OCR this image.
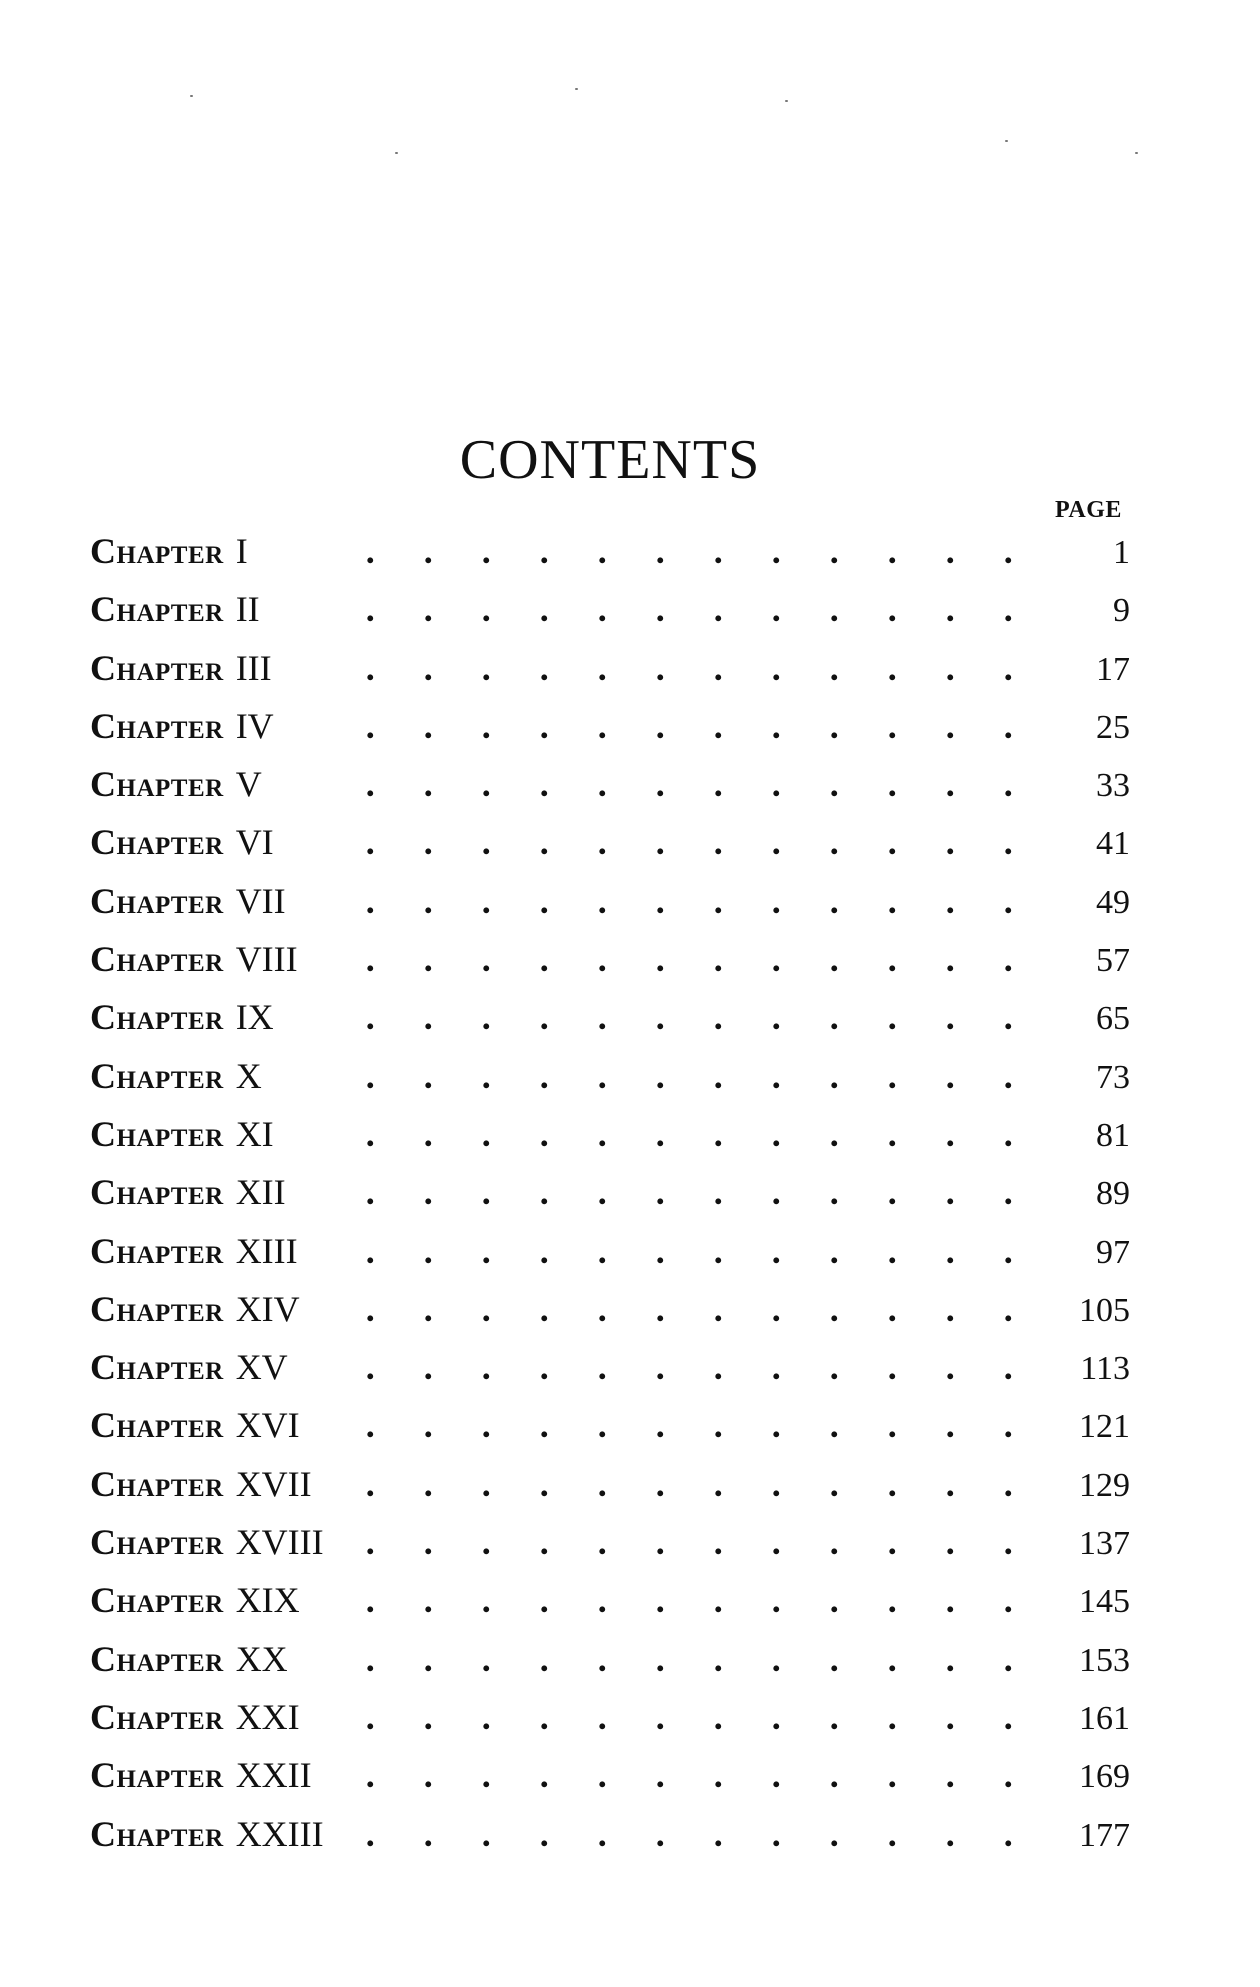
CONTENTS
PAGE
Chapter I . . .	1
Chapter II . . .	9
Chapter III . . .	17
Chapter IV . . .	25
Chapter V . . .	33
Chapter VI . . .	41
Chapter VII . . .	49
Chapter VIII . . .	57
Chapter IX . . .	65
Chapter X . . .	73
Chapter XI . . .	81
Chapter XII . . .	89
Chapter XIII . . .	97
Chapter XIV . . .	105
Chapter XV . . .	113
Chapter XVI . . .	121
Chapter XVII . . .	129
Chapter XVIII . . .	137
Chapter XIX . . .	145
Chapter XX . . .	153
Chapter XXI . . .	161
Chapter XXII . . .	169
Chapter XXIII . . .	177
